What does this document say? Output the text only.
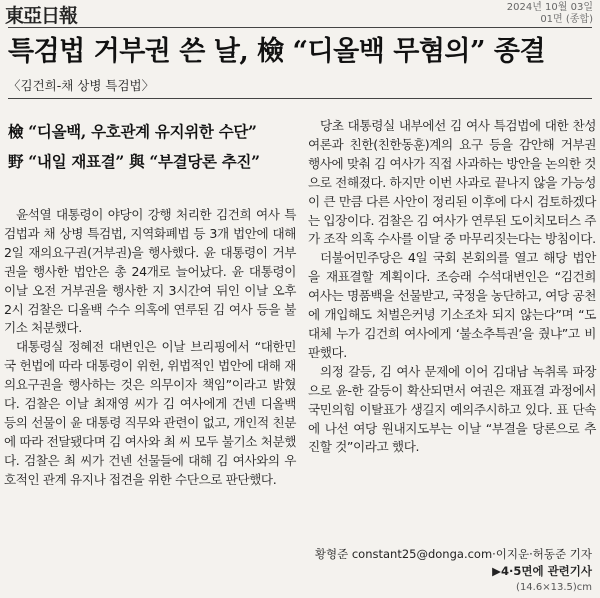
東亞日報	2024년 10월 03일
01면 (종합)
특검법 거부권 쓴 날, 檢 “디올백 무혐의” 종결
〈김건희-채 상병 특검법〉
檢 “디올백, 우호관계 유지위한 수단”
野 “내일 재표결” 與 “부결당론 추진”

윤석열 대통령이 야당이 강행 처리한 김건희 여사 특검법과 채 상병 특검법, 지역화폐법 등 3개 법안에 대해 2일 재의요구권(거부권)을 행사했다. 윤 대통령이 거부권을 행사한 법안은 총 24개로 늘어났다. 윤 대통령이 이날 오전 거부권을 행사한 지 3시간여 뒤인 이날 오후 2시 검찰은 디올백 수수 의혹에 연루된 김 여사 등을 불기소 처분했다.

대통령실 정혜전 대변인은 이날 브리핑에서 “대한민국 헌법에 따라 대통령이 위헌, 위법적인 법안에 대해 재의요구권을 행사하는 것은 의무이자 책임”이라고 밝혔다. 검찰은 이날 최재영 씨가 김 여사에게 건넨 디올백 등의 선물이 윤 대통령 직무와 관련이 없고, 개인적 친분에 따라 전달됐다며 김 여사와 최 씨 모두 불기소 처분했다. 검찰은 최 씨가 건넨 선물들에 대해 김 여사와의 우호적인 관계 유지나 접견을 위한 수단으로 판단했다.

당초 대통령실 내부에선 김 여사 특검법에 대한 찬성 여론과 친한(친한동훈)계의 요구 등을 감안해 거부권 행사에 맞춰 김 여사가 직접 사과하는 방안을 논의한 것으로 전해졌다. 하지만 이번 사과로 끝나지 않을 가능성이 큰 만큼 다른 사안이 정리된 이후에 다시 검토하겠다는 입장이다. 검찰은 김 여사가 연루된 도이치모터스 주가 조작 의혹 수사를 이달 중 마무리짓는다는 방침이다.

더불어민주당은 4일 국회 본회의를 열고 해당 법안을 재표결할 계획이다. 조승래 수석대변인은 “김건희 여사는 명품백을 선물받고, 국정을 농단하고, 여당 공천에 개입해도 처벌은커녕 기소조차 되지 않는다”며 “도대체 누가 김건희 여사에게 ‘불소추특권’을 줬냐”고 비판했다.

의정 갈등, 김 여사 문제에 이어 김대남 녹취록 파장으로 윤-한 갈등이 확산되면서 여권은 재표결 과정에서 국민의힘 이탈표가 생길지 예의주시하고 있다. 표 단속에 나선 여당 원내지도부는 이날 “부결을 당론으로 추진할 것”이라고 했다.

황형준 constant25@donga.com·이지운·허동준 기자
▶4·5면에 관련기사
(14.6×13.5)cm
